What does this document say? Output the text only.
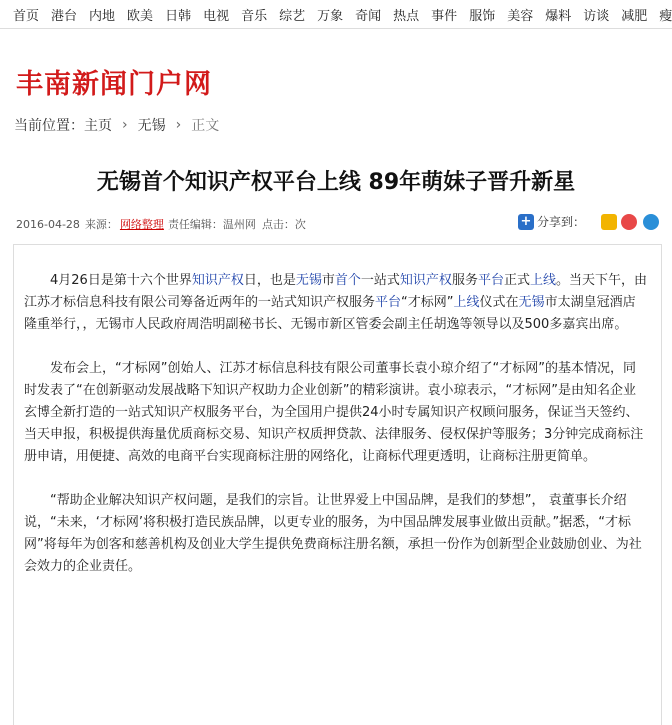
首页 港台 内地 欧美 日韩 电视 音乐 综艺 万象 奇闻 热点 事件 服饰 美容 爆料 访谈 减肥 瘦
丰南新闻门户网
当前位置： 主页 › 无锡 › 正文
无锡首个知识产权平台上线 89年萌妹子晋升新星
2016-04-28 来源： 网络整理 责任编辑：温州网 点击：次	+ 分享到：

4月26日是第十六个世界知识产权日，也是无锡市首个一站式知识产权服务平台正式上线。当天下午，由江苏才标信息科技有限公司筹备近两年的一站式知识产权服务平台“才标网”上线仪式在无锡市太湖皇冠酒店隆重举行，，无锡市人民政府周浩明副秘书长、无锡市新区管委会副主任胡逸等领导以及500多嘉宾出席。

发布会上，“才标网”创始人、江苏才标信息科技有限公司董事长袁小琼介绍了“才标网”的基本情况，同时发表了“在创新驱动发展战略下知识产权助力企业创新”的精彩演讲。袁小琼表示，“才标网”是由知名企业玄博全新打造的一站式知识产权服务平台，为全国用户提供24小时专属知识产权顾问服务，保证当天签约、当天申报，积极提供海量优质商标交易、知识产权质押贷款、法律服务、侵权保护等服务；3分钟完成商标注册申请，用便捷、高效的电商平台实现商标注册的网络化，让商标代理更透明，让商标注册更简单。

“帮助企业解决知识产权问题，是我们的宗旨。让世界爱上中国品牌，是我们的梦想”， 袁董事长介绍说，“未来，‘才标网’将积极打造民族品牌，以更专业的服务，为中国品牌发展事业做出贡献。”据悉，“才标网”将每年为创客和慈善机构及创业大学生提供免费商标注册名额，承担一份作为创新型企业鼓励创业、为社会效力的企业责任。
